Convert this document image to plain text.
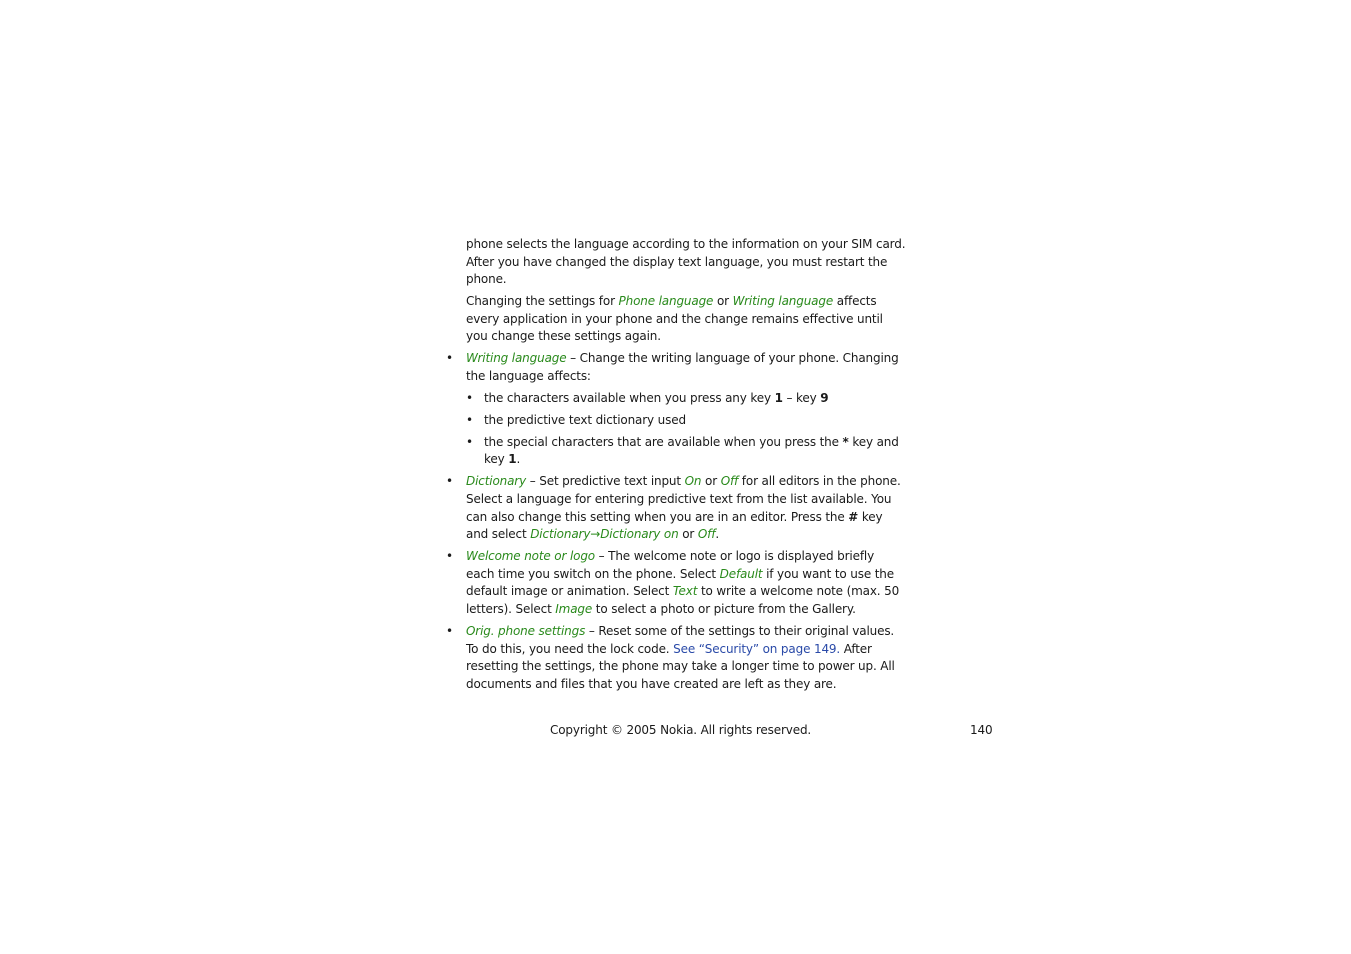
phone selects the language according to the information on your SIM card. After you have changed the display text language, you must restart the phone.

Changing the settings for Phone language or Writing language affects every application in your phone and the change remains effective until you change these settings again.

• Writing language – Change the writing language of your phone. Changing the language affects:
• the characters available when you press any key 1 – key 9
• the predictive text dictionary used
• the special characters that are available when you press the * key and key 1.
• Dictionary – Set predictive text input On or Off for all editors in the phone. Select a language for entering predictive text from the list available. You can also change this setting when you are in an editor. Press the # key and select Dictionary→Dictionary on or Off.
• Welcome note or logo – The welcome note or logo is displayed briefly each time you switch on the phone. Select Default if you want to use the default image or animation. Select Text to write a welcome note (max. 50 letters). Select Image to select a photo or picture from the Gallery.
• Orig. phone settings – Reset some of the settings to their original values. To do this, you need the lock code. See “Security” on page 149. After resetting the settings, the phone may take a longer time to power up. All documents and files that you have created are left as they are.
Copyright © 2005 Nokia. All rights reserved.	140
